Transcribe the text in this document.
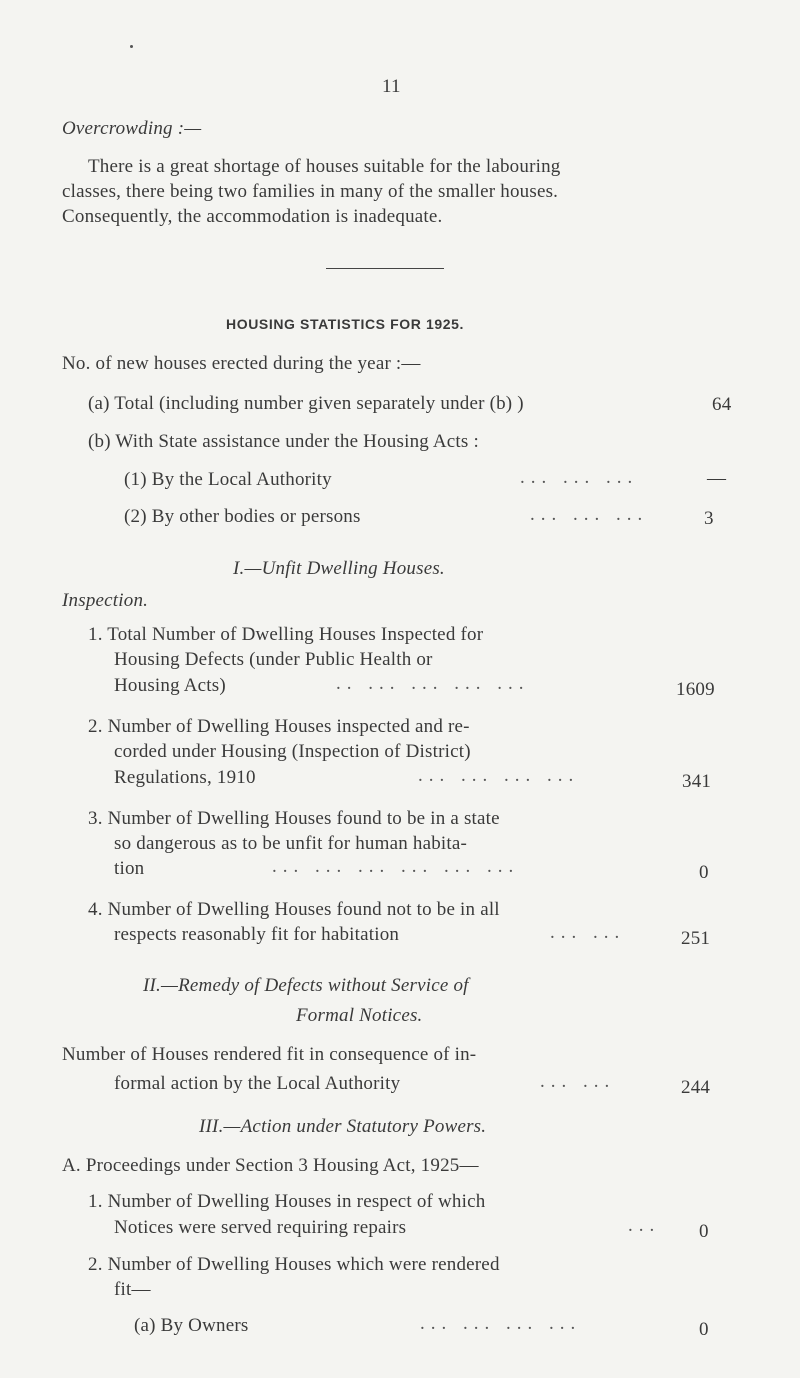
11
Overcrowding :—
There is a great shortage of houses suitable for the labouring
classes, there being two families in many of the smaller houses.
Consequently, the accommodation is inadequate.
HOUSING STATISTICS FOR 1925.
No. of new houses erected during the year :—
(a) Total (including number given separately under (b) )	64
(b) With State assistance under the Housing Acts :
(1) By the Local Authority	... ... ...	—
(2) By other bodies or persons	... ... ...	3
I.—Unfit Dwelling Houses.
Inspection.
1. Total Number of Dwelling Houses Inspected for
Housing Defects (under Public Health or
Housing Acts)	.. ... ... ... ...	1609
2. Number of Dwelling Houses inspected and re-
corded under Housing (Inspection of District)
Regulations, 1910	... ... ... ...	341
3. Number of Dwelling Houses found to be in a state
so dangerous as to be unfit for human habita-
tion	... ... ... ... ... ...	0
4. Number of Dwelling Houses found not to be in all
respects reasonably fit for habitation	... ...	251
II.—Remedy of Defects without Service of
Formal Notices.
Number of Houses rendered fit in consequence of in-
formal action by the Local Authority	... ...	244
III.—Action under Statutory Powers.
A. Proceedings under Section 3 Housing Act, 1925—
1. Number of Dwelling Houses in respect of which
Notices were served requiring repairs	... 0
2. Number of Dwelling Houses which were rendered
fit—
(a) By Owners	... ... ... ...	0
